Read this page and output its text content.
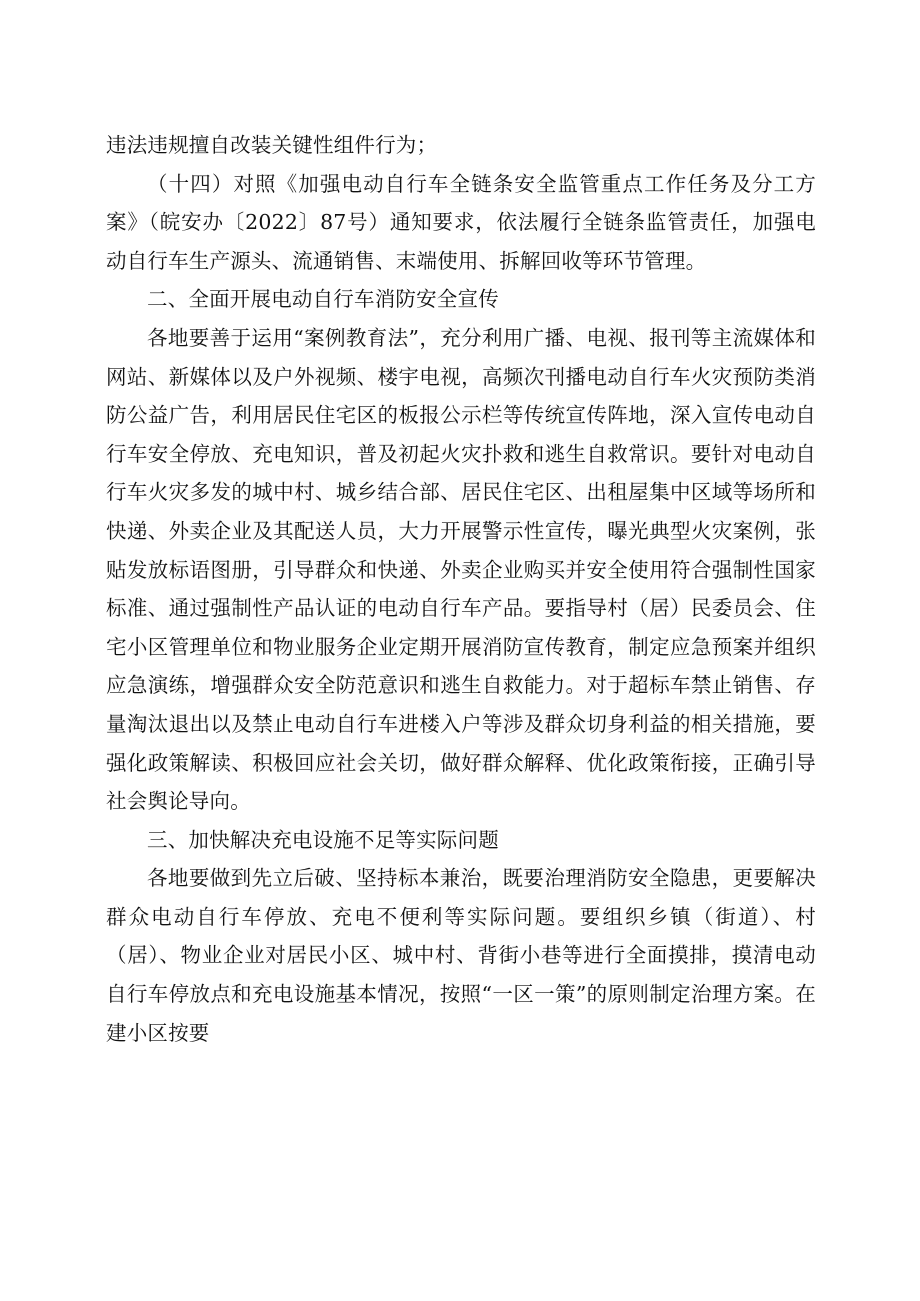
违法违规擅自改装关键性组件行为；

（十四）对照《加强电动自行车全链条安全监管重点工作任务及分工方案》（皖安办〔2022〕87号）通知要求，依法履行全链条监管责任，加强电动自行车生产源头、流通销售、末端使用、拆解回收等环节管理。

二、全面开展电动自行车消防安全宣传

各地要善于运用“案例教育法”，充分利用广播、电视、报刊等主流媒体和网站、新媒体以及户外视频、楼宇电视，高频次刊播电动自行车火灾预防类消防公益广告，利用居民住宅区的板报公示栏等传统宣传阵地，深入宣传电动自行车安全停放、充电知识，普及初起火灾扑救和逃生自救常识。要针对电动自行车火灾多发的城中村、城乡结合部、居民住宅区、出租屋集中区域等场所和快递、外卖企业及其配送人员，大力开展警示性宣传，曝光典型火灾案例，张贴发放标语图册，引导群众和快递、外卖企业购买并安全使用符合强制性国家标准、通过强制性产品认证的电动自行车产品。要指导村（居）民委员会、住宅小区管理单位和物业服务企业定期开展消防宣传教育，制定应急预案并组织应急演练，增强群众安全防范意识和逃生自救能力。对于超标车禁止销售、存量淘汰退出以及禁止电动自行车进楼入户等涉及群众切身利益的相关措施，要强化政策解读、积极回应社会关切，做好群众解释、优化政策衔接，正确引导社会舆论导向。

三、加快解决充电设施不足等实际问题

各地要做到先立后破、坚持标本兼治，既要治理消防安全隐患，更要解决群众电动自行车停放、充电不便利等实际问题。要组织乡镇（街道）、村（居）、物业企业对居民小区、城中村、背街小巷等进行全面摸排，摸清电动自行车停放点和充电设施基本情况，按照“一区一策”的原则制定治理方案。在建小区按要
